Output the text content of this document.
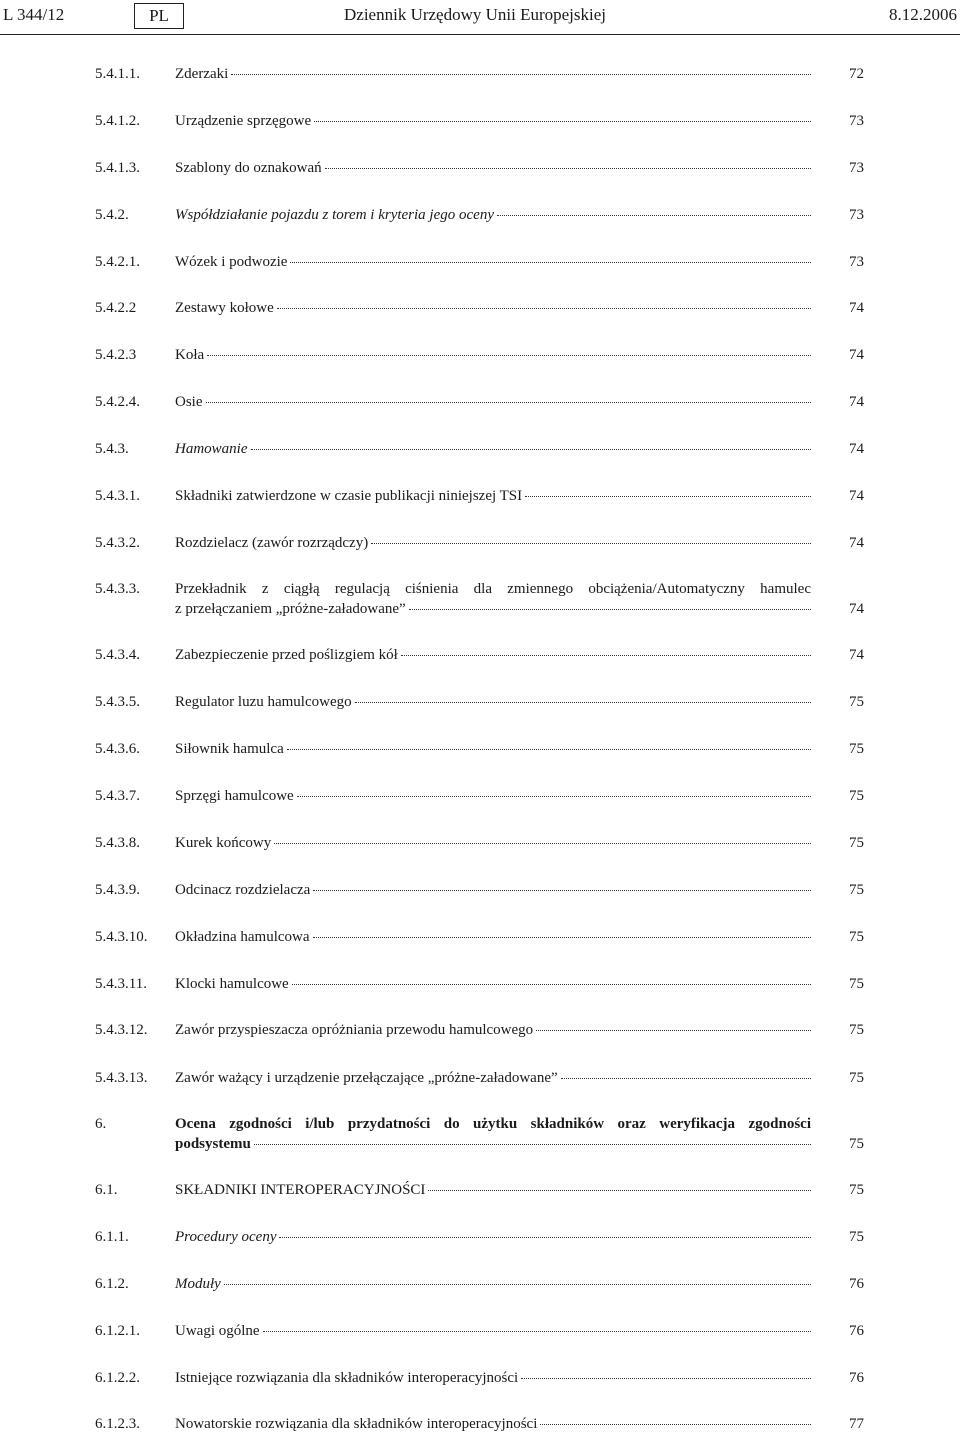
L 344/12	PL	Dziennik Urzędowy Unii Europejskiej	8.12.2006
5.4.1.1. Zderzaki	72
5.4.1.2. Urządzenie sprzęgowe	73
5.4.1.3. Szablony do oznakowań	73
5.4.2.	Współdziałanie pojazdu z torem i kryteria jego oceny	73
5.4.2.1. Wózek i podwozie	73
5.4.2.2	Zestawy kołowe	74
5.4.2.3	Koła	74
5.4.2.4. Osie	74
5.4.3.	Hamowanie	74
5.4.3.1. Składniki zatwierdzone w czasie publikacji niniejszej TSI	74
5.4.3.2. Rozdzielacz (zawór rozrządczy)	74
5.4.3.3. Przekładnik z ciągłą regulacją ciśnienia dla zmiennego obciążenia/Automatyczny hamulec
z przełączaniem „próżne-załadowane”	74
5.4.3.4. Zabezpieczenie przed poślizgiem kół	74
5.4.3.5. Regulator luzu hamulcowego	75
5.4.3.6. Siłownik hamulca	75
5.4.3.7. Sprzęgi hamulcowe	75
5.4.3.8. Kurek końcowy	75
5.4.3.9. Odcinacz rozdzielacza	75
5.4.3.10. Okładzina hamulcowa	75
5.4.3.11. Klocki hamulcowe	75
5.4.3.12. Zawór przyspieszacza opróżniania przewodu hamulcowego	75
5.4.3.13. Zawór ważący i urządzenie przełączające „próżne-załadowane”	75
6.	Ocena zgodności i/lub przydatności do użytku składników oraz weryfikacja zgodności
podsystemu	75
6.1.	SKŁADNIKI INTEROPERACYJNOŚCI	75
6.1.1.	Procedury oceny	75
6.1.2.	Moduły	76
6.1.2.1. Uwagi ogólne	76
6.1.2.2. Istniejące rozwiązania dla składników interoperacyjności	76
6.1.2.3. Nowatorskie rozwiązania dla składników interoperacyjności	77
